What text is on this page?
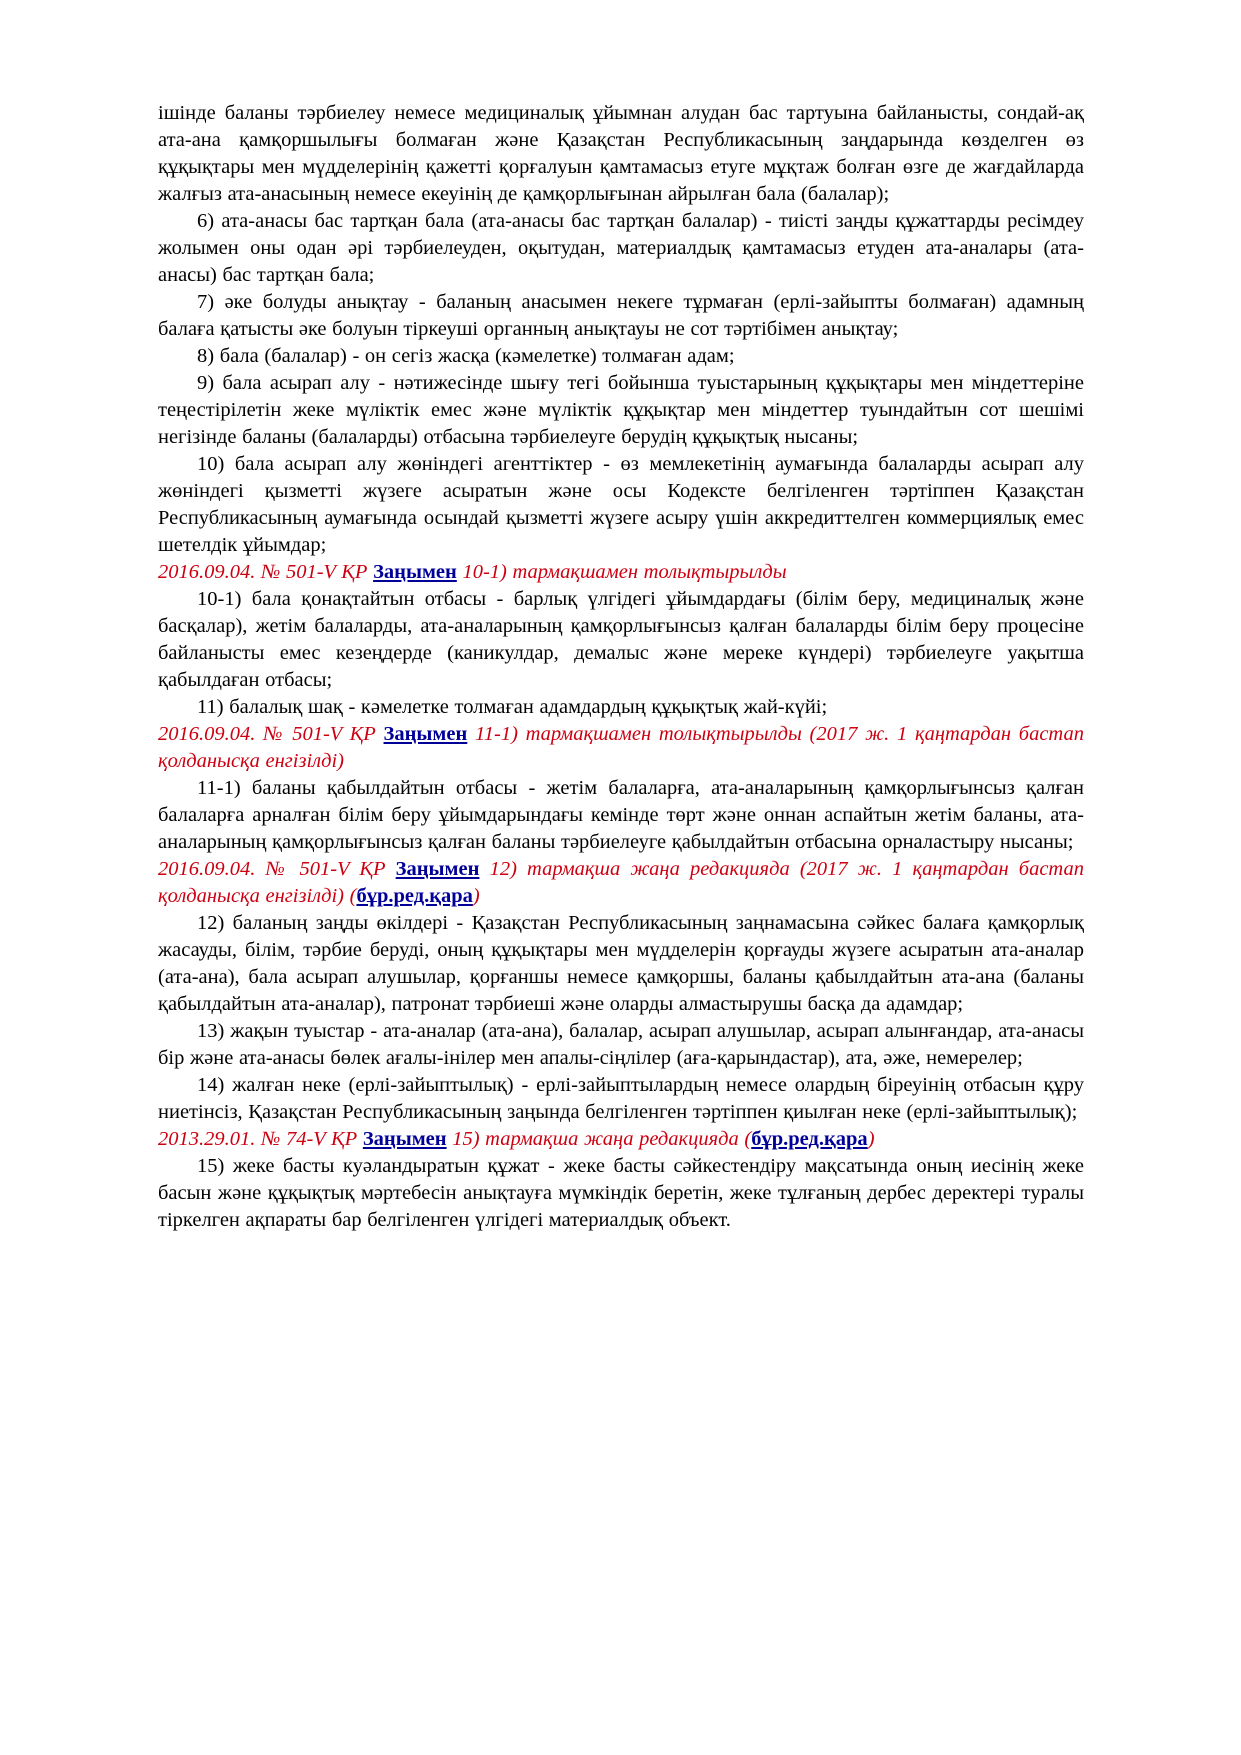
ішінде баланы тәрбиелеу немесе медициналық ұйымнан алудан бас тартуына байланысты, сондай-ақ ата-ана қамқоршылығы болмаған және Қазақстан Республикасының заңдарында көзделген өз құқықтары мен мүдделерінің қажетті қорғалуын қамтамасыз етуге мұқтаж болған өзге де жағдайларда жалғыз ата-анасының немесе екеуінің де қамқорлығынан айрылған бала (балалар);

6) ата-анасы бас тартқан бала (ата-анасы бас тартқан балалар) - тиісті заңды құжаттарды ресімдеу жолымен оны одан әрі тәрбиелеуден, оқытудан, материалдық қамтамасыз етуден ата-аналары (ата-анасы) бас тартқан бала;

7) әке болуды анықтау - баланың анасымен некеге тұрмаған (ерлі-зайыпты болмаған) адамның балаға қатысты әке болуын тіркеуші органның анықтауы не сот тәртібімен анықтау;

8) бала (балалар) - он сегіз жасқа (кәмелетке) толмаған адам;

9) бала асырап алу - нәтижесінде шығу тегі бойынша туыстарының құқықтары мен міндеттеріне теңестірілетін жеке мүліктік емес және мүліктік құқықтар мен міндеттер туындайтын сот шешімі негізінде баланы (балаларды) отбасына тәрбиелеуге берудің құқықтық нысаны;

10) бала асырап алу жөніндегі агенттіктер - өз мемлекетінің аумағында балаларды асырап алу жөніндегі қызметті жүзеге асыратын және осы Кодексте белгіленген тәртіппен Қазақстан Республикасының аумағында осындай қызметті жүзеге асыру үшін аккредиттелген коммерциялық емес шетелдік ұйымдар;

2016.09.04. № 501-V ҚР Заңымен 10-1) тармақшамен толықтырылды

10-1) бала қонақтайтын отбасы - барлық үлгідегі ұйымдардағы (білім беру, медициналық және басқалар), жетім балаларды, ата-аналарының қамқорлығынсыз қалған балаларды білім беру процесіне байланысты емес кезеңдерде (каникулдар, демалыс және мереке күндері) тәрбиелеуге уақытша қабылдаған отбасы;

11) балалық шақ - кәмелетке толмаған адамдардың құқықтық жай-күйі;

2016.09.04. № 501-V ҚР Заңымен 11-1) тармақшамен толықтырылды (2017 ж. 1 қаңтардан бастап қолданысқа енгізілді)

11-1) баланы қабылдайтын отбасы - жетім балаларға, ата-аналарының қамқорлығынсыз қалған балаларға арналған білім беру ұйымдарындағы кемінде төрт және оннан аспайтын жетім баланы, ата-аналарының қамқорлығынсыз қалған баланы тәрбиелеуге қабылдайтын отбасына орналастыру нысаны;

2016.09.04. № 501-V ҚР Заңымен 12) тармақша жаңа редакцияда (2017 ж. 1 қаңтардан бастап қолданысқа енгізілді) (бұр.ред.қара)

12) баланың заңды өкілдері - Қазақстан Республикасының заңнамасына сәйкес балаға қамқорлық жасауды, білім, тәрбие беруді, оның құқықтары мен мүдделерін қорғауды жүзеге асыратын ата-аналар (ата-ана), бала асырап алушылар, қорғаншы немесе қамқоршы, баланы қабылдайтын ата-ана (баланы қабылдайтын ата-аналар), патронат тәрбиеші және оларды алмастырушы басқа да адамдар;

13) жақын туыстар - ата-аналар (ата-ана), балалар, асырап алушылар, асырап алынғандар, ата-анасы бір және ата-анасы бөлек ағалы-інілер мен апалы-сіңлілер (аға-қарындастар), ата, әже, немерелер;

14) жалған неке (ерлі-зайыптылық) - ерлі-зайыптылардың немесе олардың біреуінің отбасын құру ниетінсіз, Қазақстан Республикасының заңында белгіленген тәртіппен қиылған неке (ерлі-зайыптылық);

2013.29.01. № 74-V ҚР Заңымен 15) тармақша жаңа редакцияда (бұр.ред.қара)

15) жеке басты куәландыратын құжат - жеке басты сәйкестендіру мақсатында оның иесінің жеке басын және құқықтық мәртебесін анықтауға мүмкіндік беретін, жеке тұлғаның дербес деректері туралы тіркелген ақпараты бар белгіленген үлгідегі материалдық объект.
